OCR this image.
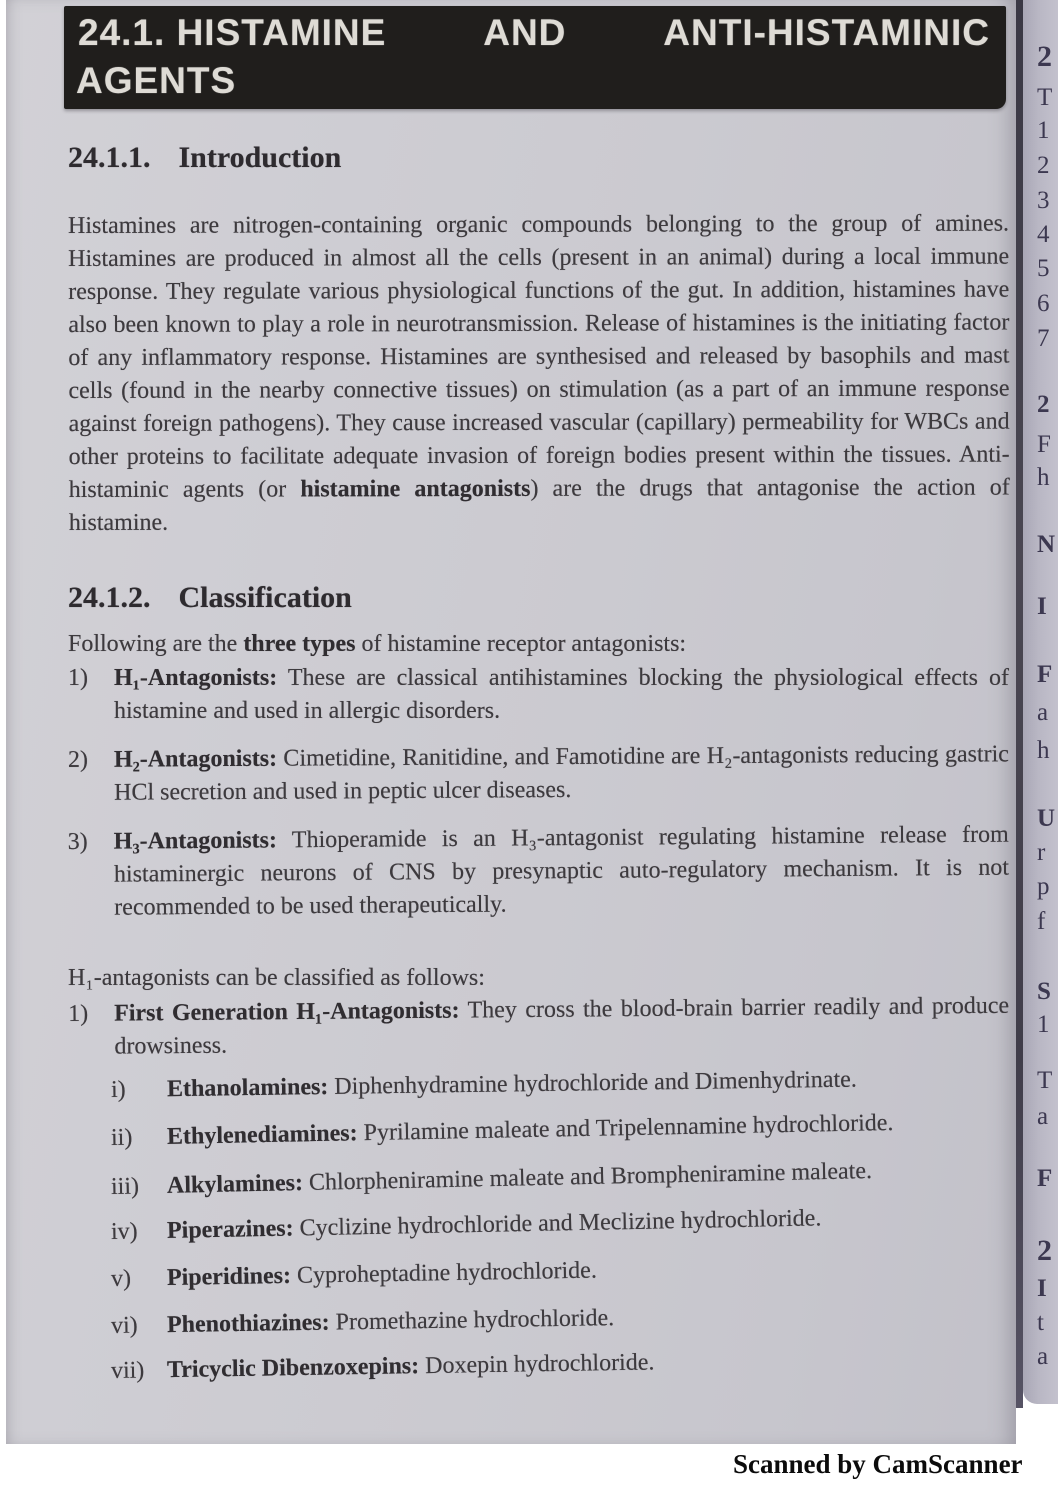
24.1. HISTAMINE	AND	ANTI-HISTAMINIC
AGENTS
24.1.1. Introduction

Histamines are nitrogen-containing organic compounds belonging to the group of amines. Histamines are produced in almost all the cells (present in an animal) during a local immune response. They regulate various physiological functions of the gut. In addition, histamines have also been known to play a role in neurotransmission. Release of histamines is the initiating factor of any inflammatory response. Histamines are synthesised and released by basophils and mast cells (found in the nearby connective tissues) on stimulation (as a part of an immune response against foreign pathogens). They cause increased vascular (capillary) permeability for WBCs and other proteins to facilitate adequate invasion of foreign bodies present within the tissues. Anti-histaminic agents (or histamine antagonists) are the drugs that antagonise the action of histamine.

24.1.2. Classification
Following are the three types of histamine receptor antagonists:
1)	H₁-Antagonists: These are classical antihistamines blocking the physiological effects of histamine and used in allergic disorders.
2)	H₂-Antagonists: Cimetidine, Ranitidine, and Famotidine are H₂-antagonists reducing gastric HCl secretion and used in peptic ulcer diseases.
3)	H₃-Antagonists: Thioperamide is an H₃-antagonist regulating histamine release from histaminergic neurons of CNS by presynaptic auto-regulatory mechanism. It is not recommended to be used therapeutically.
H₁-antagonists can be classified as follows:
1)	First Generation H₁-Antagonists: They cross the blood-brain barrier readily and produce drowsiness.
i)	Ethanolamines: Diphenhydramine hydrochloride and Dimenhydrinate.
ii)	Ethylenediamines: Pyrilamine maleate and Tripelennamine hydrochloride.
iii)	Alkylamines: Chlorpheniramine maleate and Brompheniramine maleate.
iv)	Piperazines: Cyclizine hydrochloride and Meclizine hydrochloride.
v)	Piperidines: Cyproheptadine hydrochloride.
vi)	Phenothiazines: Promethazine hydrochloride.
vii) Tricyclic Dibenzoxepins: Doxepin hydrochloride.
2
T
1
2
3
4
5
6
7
2
F
h
N
I
F
a
h
U
r
p
f
S
1
T
a
F
2
I
t
a
Scanned by CamScanner
